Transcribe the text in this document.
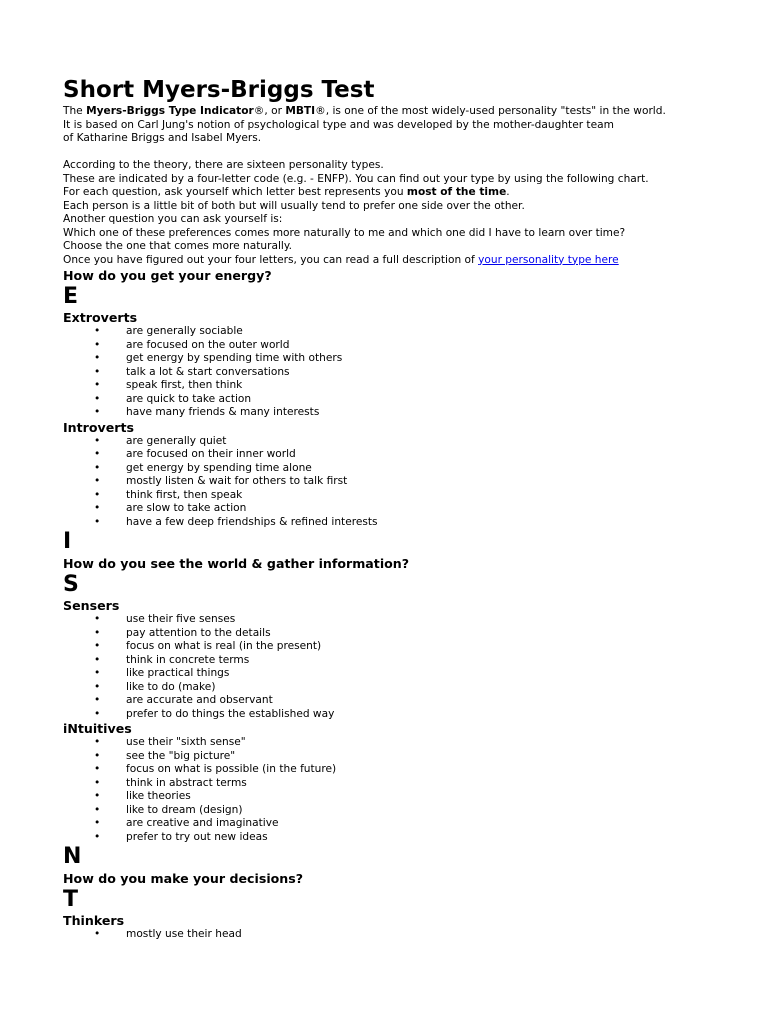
Short Myers-Briggs Test

The Myers-Briggs Type Indicator®, or MBTI®, is one of the most widely-used personality "tests" in the world.

It is based on Carl Jung's notion of psychological type and was developed by the mother-daughter team

of Katharine Briggs and Isabel Myers.

According to the theory, there are sixteen personality types.

These are indicated by a four-letter code (e.g. - ENFP). You can find out your type by using the following chart.

For each question, ask yourself which letter best represents you most of the time.

Each person is a little bit of both but will usually tend to prefer one side over the other.

Another question you can ask yourself is:

Which one of these preferences comes more naturally to me and which one did I have to learn over time?

Choose the one that comes more naturally.

Once you have figured out your four letters, you can read a full description of your personality type here

How do you get your energy?
E
Extroverts
• are generally sociable
• are focused on the outer world
• get energy by spending time with others
• talk a lot & start conversations
• speak first, then think
• are quick to take action
• have many friends & many interests
Introverts
• are generally quiet
• are focused on their inner world
• get energy by spending time alone
• mostly listen & wait for others to talk first
• think first, then speak
• are slow to take action
• have a few deep friendships & refined interests
I
How do you see the world & gather information?
S
Sensers
• use their five senses
• pay attention to the details
• focus on what is real (in the present)
• think in concrete terms
• like practical things
• like to do (make)
• are accurate and observant
• prefer to do things the established way
iNtuitives
• use their "sixth sense"
• see the "big picture"
• focus on what is possible (in the future)
• think in abstract terms
• like theories
• like to dream (design)
• are creative and imaginative
• prefer to try out new ideas
N
How do you make your decisions?
T
Thinkers
• mostly use their head
